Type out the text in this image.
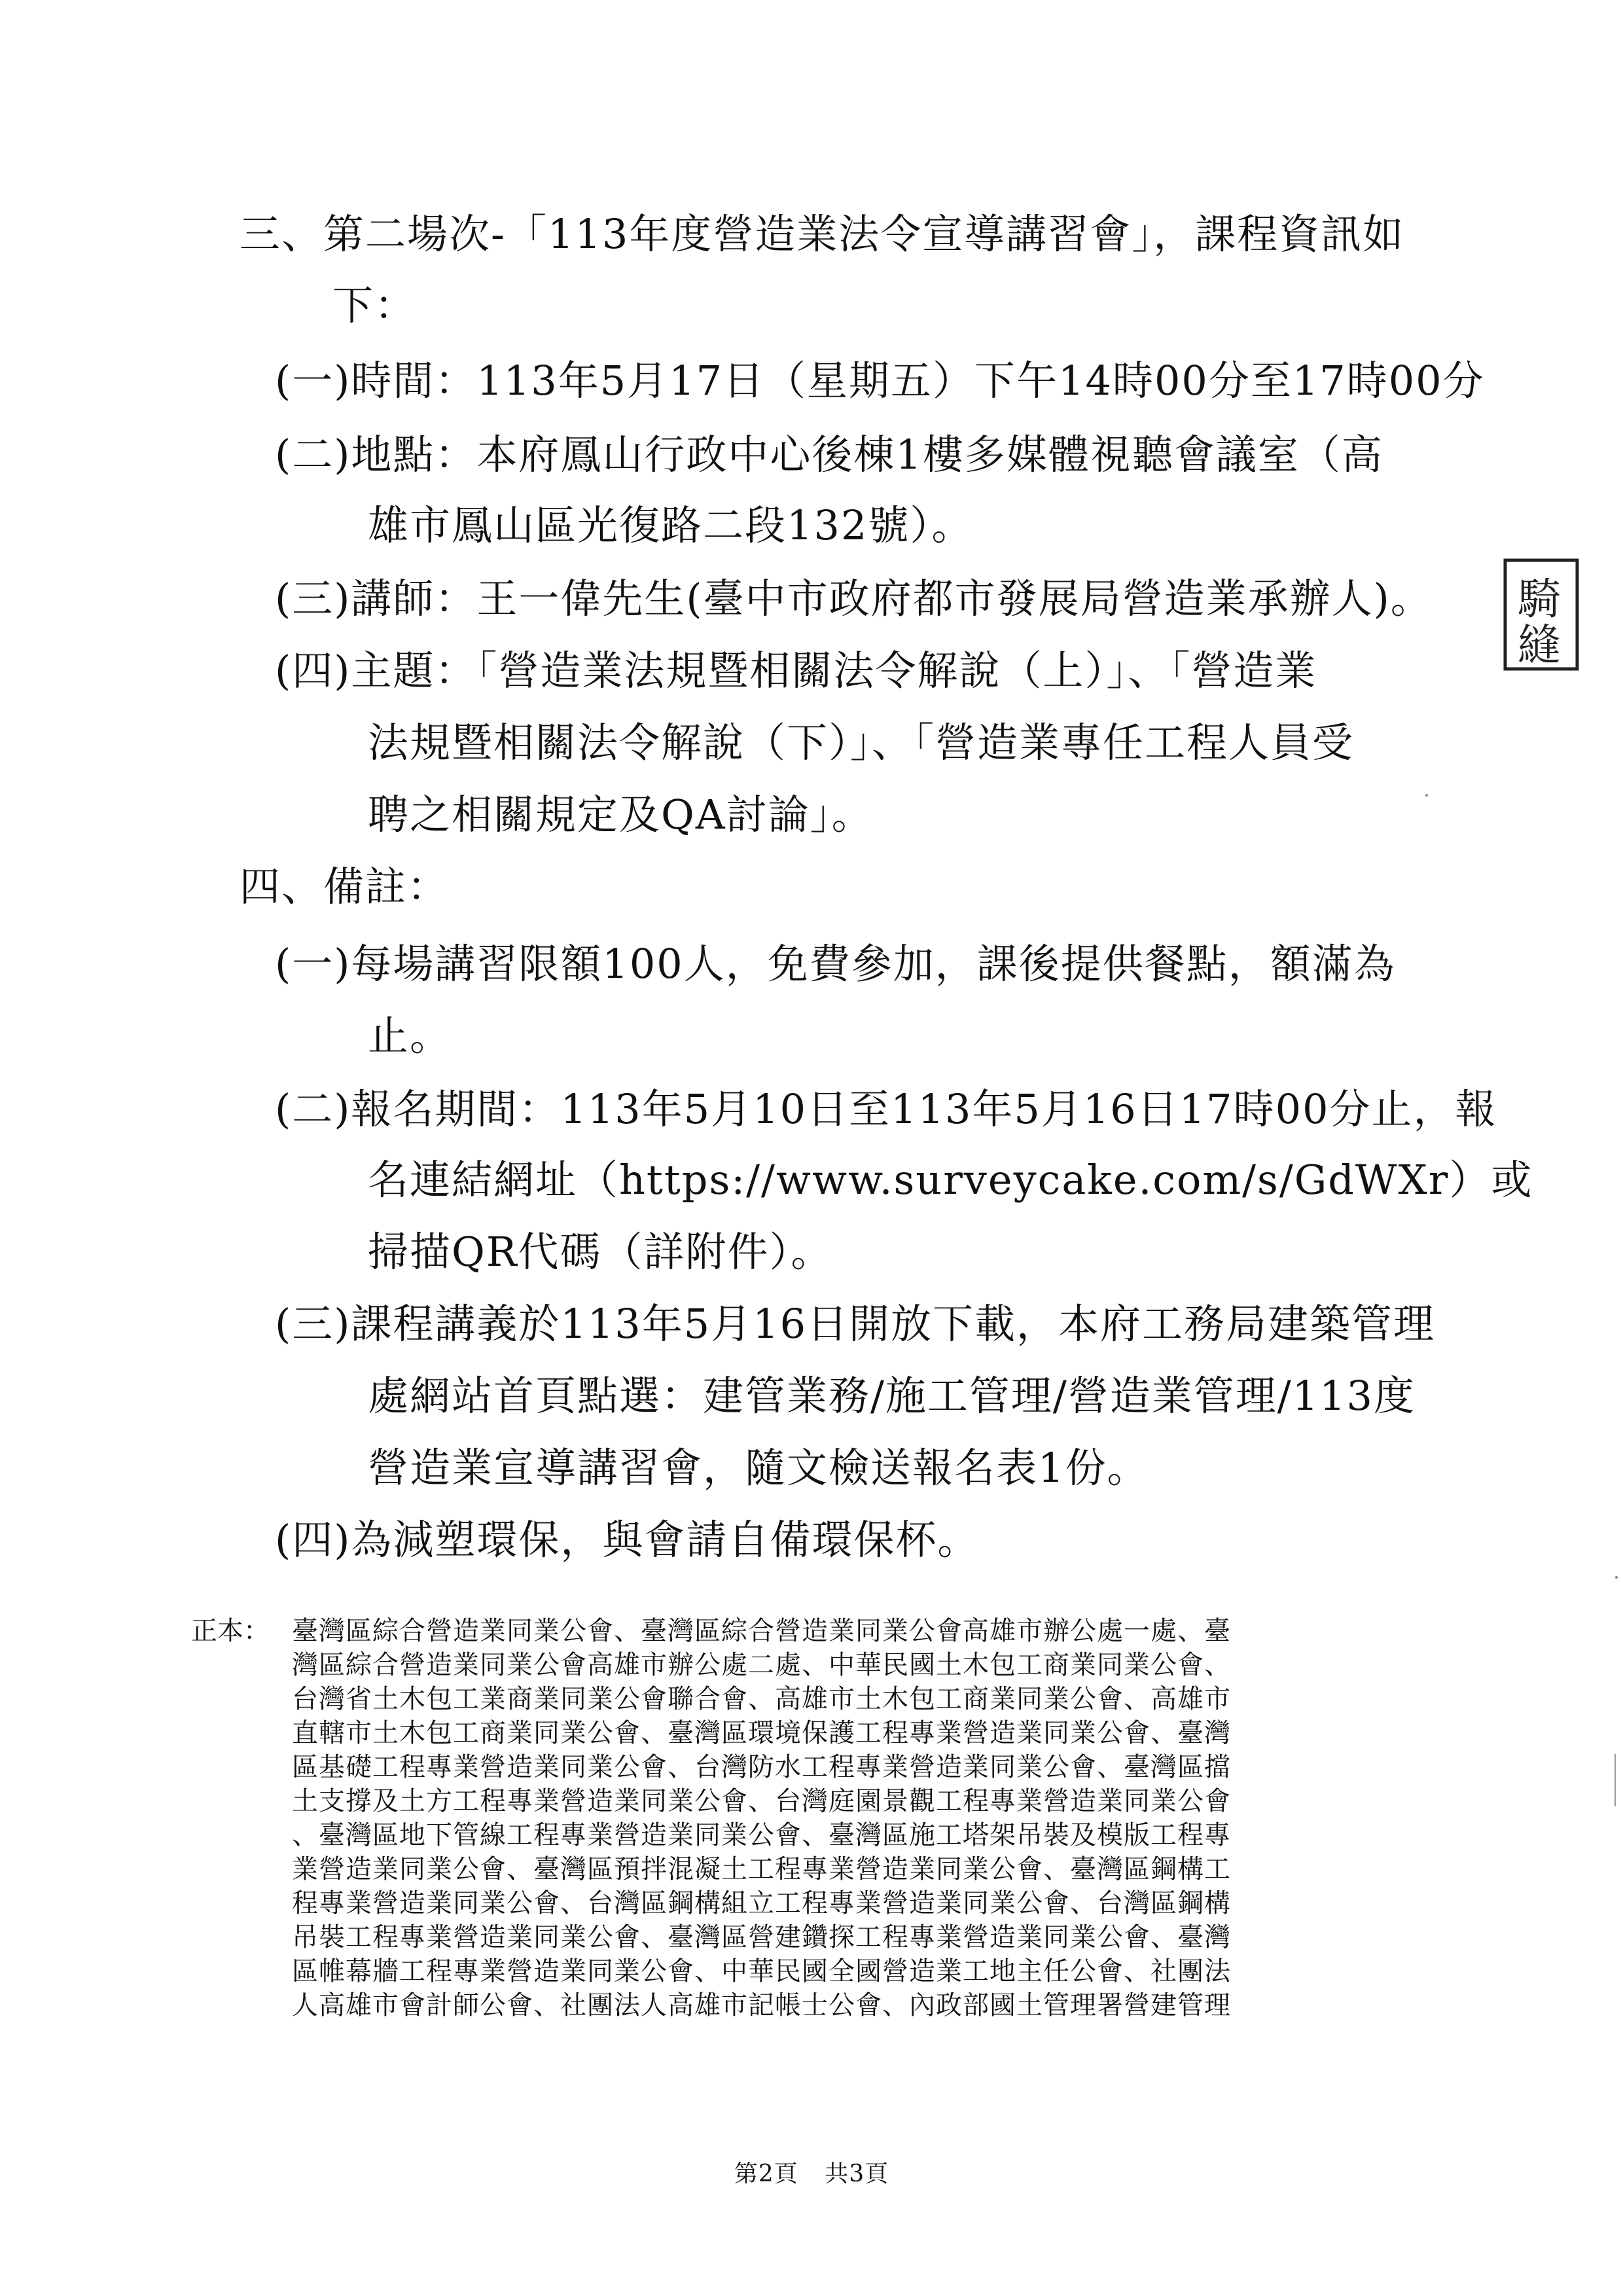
三、第二場次-「113年度營造業法令宣導講習會」，課程資訊如
下：
(一)時間：113年5月17日（星期五）下午14時00分至17時00分
(二)地點：本府鳳山行政中心後棟1樓多媒體視聽會議室（高
雄市鳳山區光復路二段132號）。
(三)講師：王一偉先生(臺中市政府都市發展局營造業承辦人)。
(四)主題：「營造業法規暨相關法令解說（上）」、「營造業
法規暨相關法令解說（下）」、「營造業專任工程人員受
聘之相關規定及QA討論」。
四、備註：
(一)每場講習限額100人，免費參加，課後提供餐點，額滿為
止。
(二)報名期間：113年5月10日至113年5月16日17時00分止，報
名連結網址（https://www.surveycake.com/s/GdWXr）或
掃描QR代碼（詳附件）。
(三)課程講義於113年5月16日開放下載，本府工務局建築管理
處網站首頁點選：建管業務/施工管理/營造業管理/113度
營造業宣導講習會，隨文檢送報名表1份。
(四)為減塑環保，與會請自備環保杯。
正本： 臺灣區綜合營造業同業公會、臺灣區綜合營造業同業公會高雄市辦公處一處、臺
灣區綜合營造業同業公會高雄市辦公處二處、中華民國土木包工商業同業公會、
台灣省土木包工業商業同業公會聯合會、高雄市土木包工商業同業公會、高雄市
直轄市土木包工商業同業公會、臺灣區環境保護工程專業營造業同業公會、臺灣
區基礎工程專業營造業同業公會、台灣防水工程專業營造業同業公會、臺灣區擋
土支撐及土方工程專業營造業同業公會、台灣庭園景觀工程專業營造業同業公會
、臺灣區地下管線工程專業營造業同業公會、臺灣區施工塔架吊裝及模版工程專
業營造業同業公會、臺灣區預拌混凝土工程專業營造業同業公會、臺灣區鋼構工
程專業營造業同業公會、台灣區鋼構組立工程專業營造業同業公會、台灣區鋼構
吊裝工程專業營造業同業公會、臺灣區營建鑽探工程專業營造業同業公會、臺灣
區帷幕牆工程專業營造業同業公會、中華民國全國營造業工地主任公會、社團法
人高雄市會計師公會、社團法人高雄市記帳士公會、內政部國土管理署營建管理
第2頁 共3頁
騎
縫
